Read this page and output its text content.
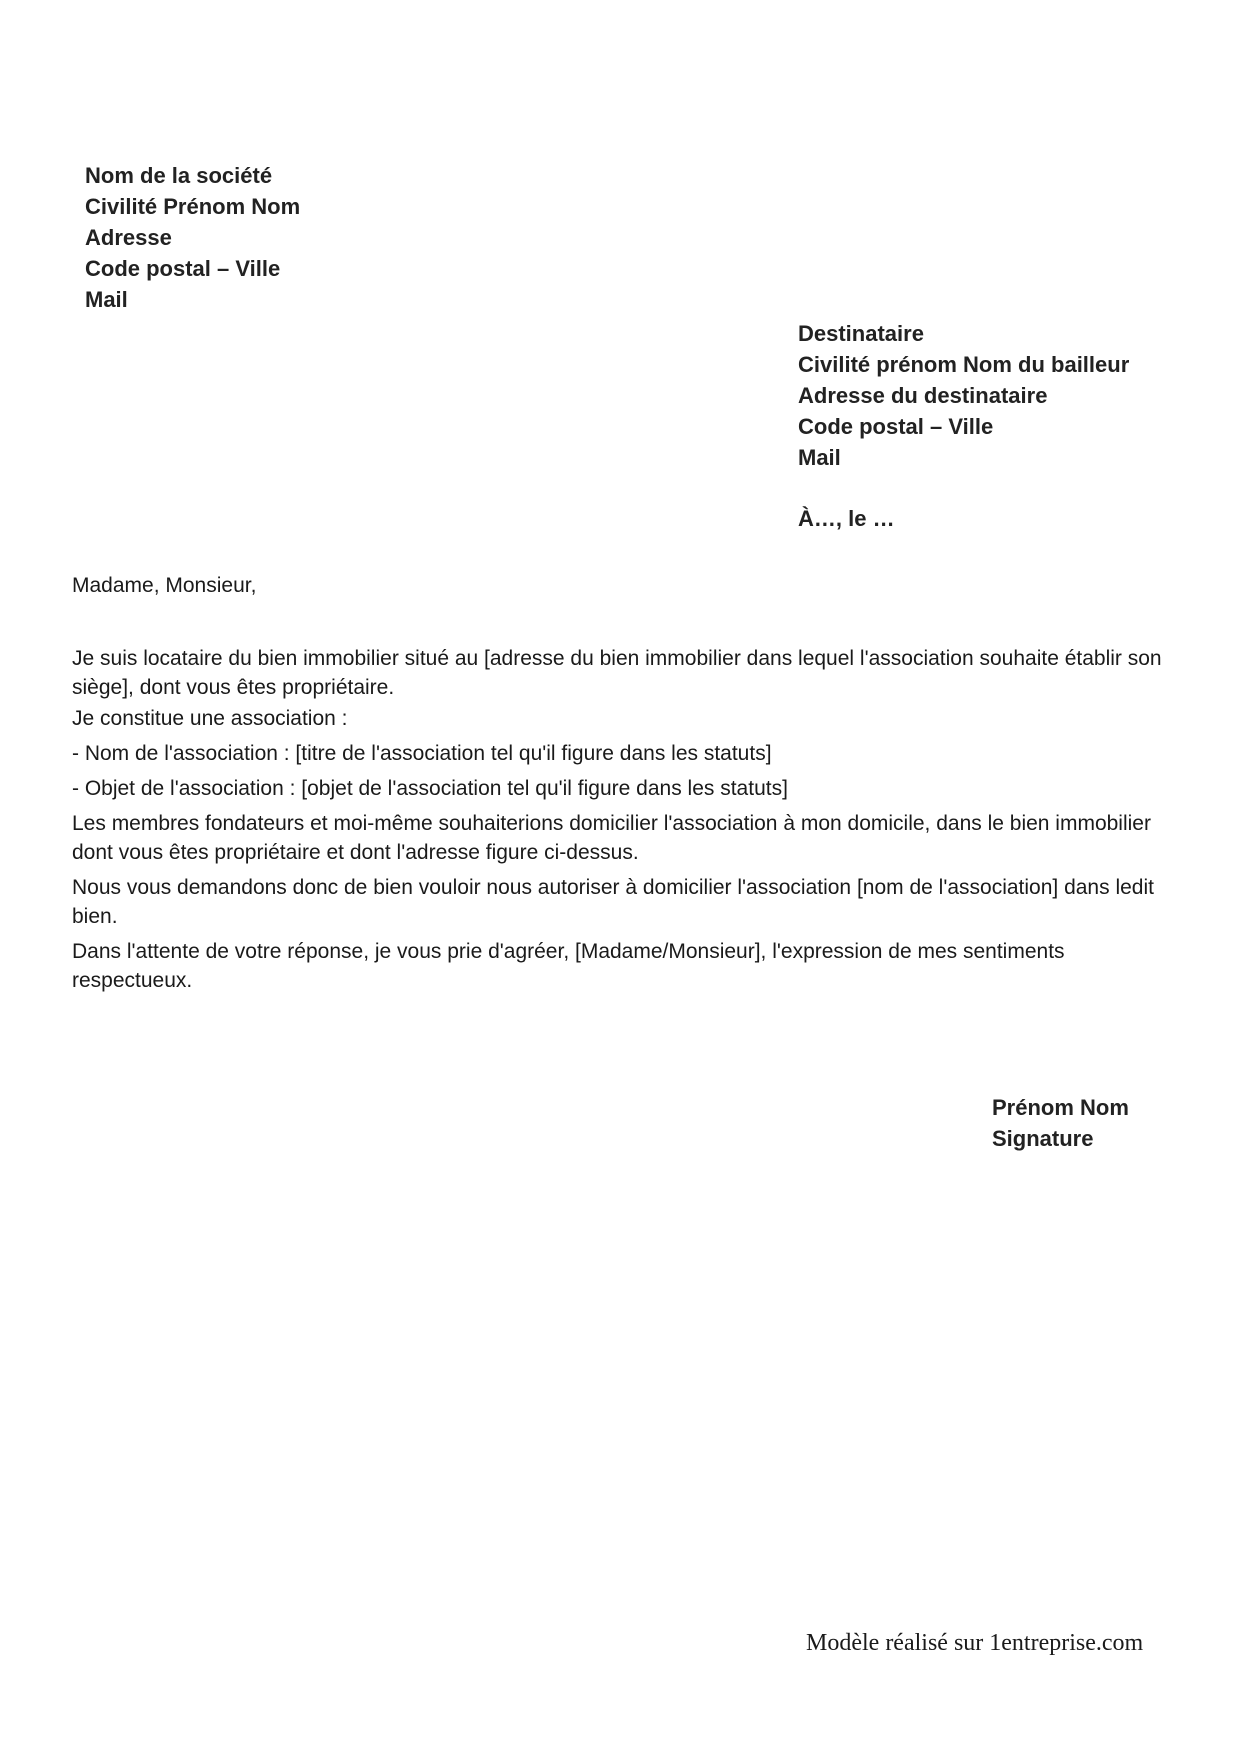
Nom de la société
Civilité Prénom Nom
Adresse
Code postal – Ville
Mail
Destinataire
Civilité prénom Nom du bailleur
Adresse du destinataire
Code postal – Ville
Mail
À…, le …
Madame, Monsieur,
Je suis locataire du bien immobilier situé au [adresse du bien immobilier dans lequel l'association souhaite établir son siège], dont vous êtes propriétaire.
Je constitue une association :
- Nom de l'association : [titre de l'association tel qu'il figure dans les statuts]
- Objet de l'association : [objet de l'association tel qu'il figure dans les statuts]
Les membres fondateurs et moi-même souhaiterions domicilier l'association à mon domicile, dans le bien immobilier dont vous êtes propriétaire et dont l'adresse figure ci-dessus.
Nous vous demandons donc de bien vouloir nous autoriser à domicilier l'association [nom de l'association] dans ledit bien.
Dans l'attente de votre réponse, je vous prie d'agréer, [Madame/Monsieur], l'expression de mes sentiments respectueux.
Prénom Nom
Signature
Modèle réalisé sur 1entreprise.com
